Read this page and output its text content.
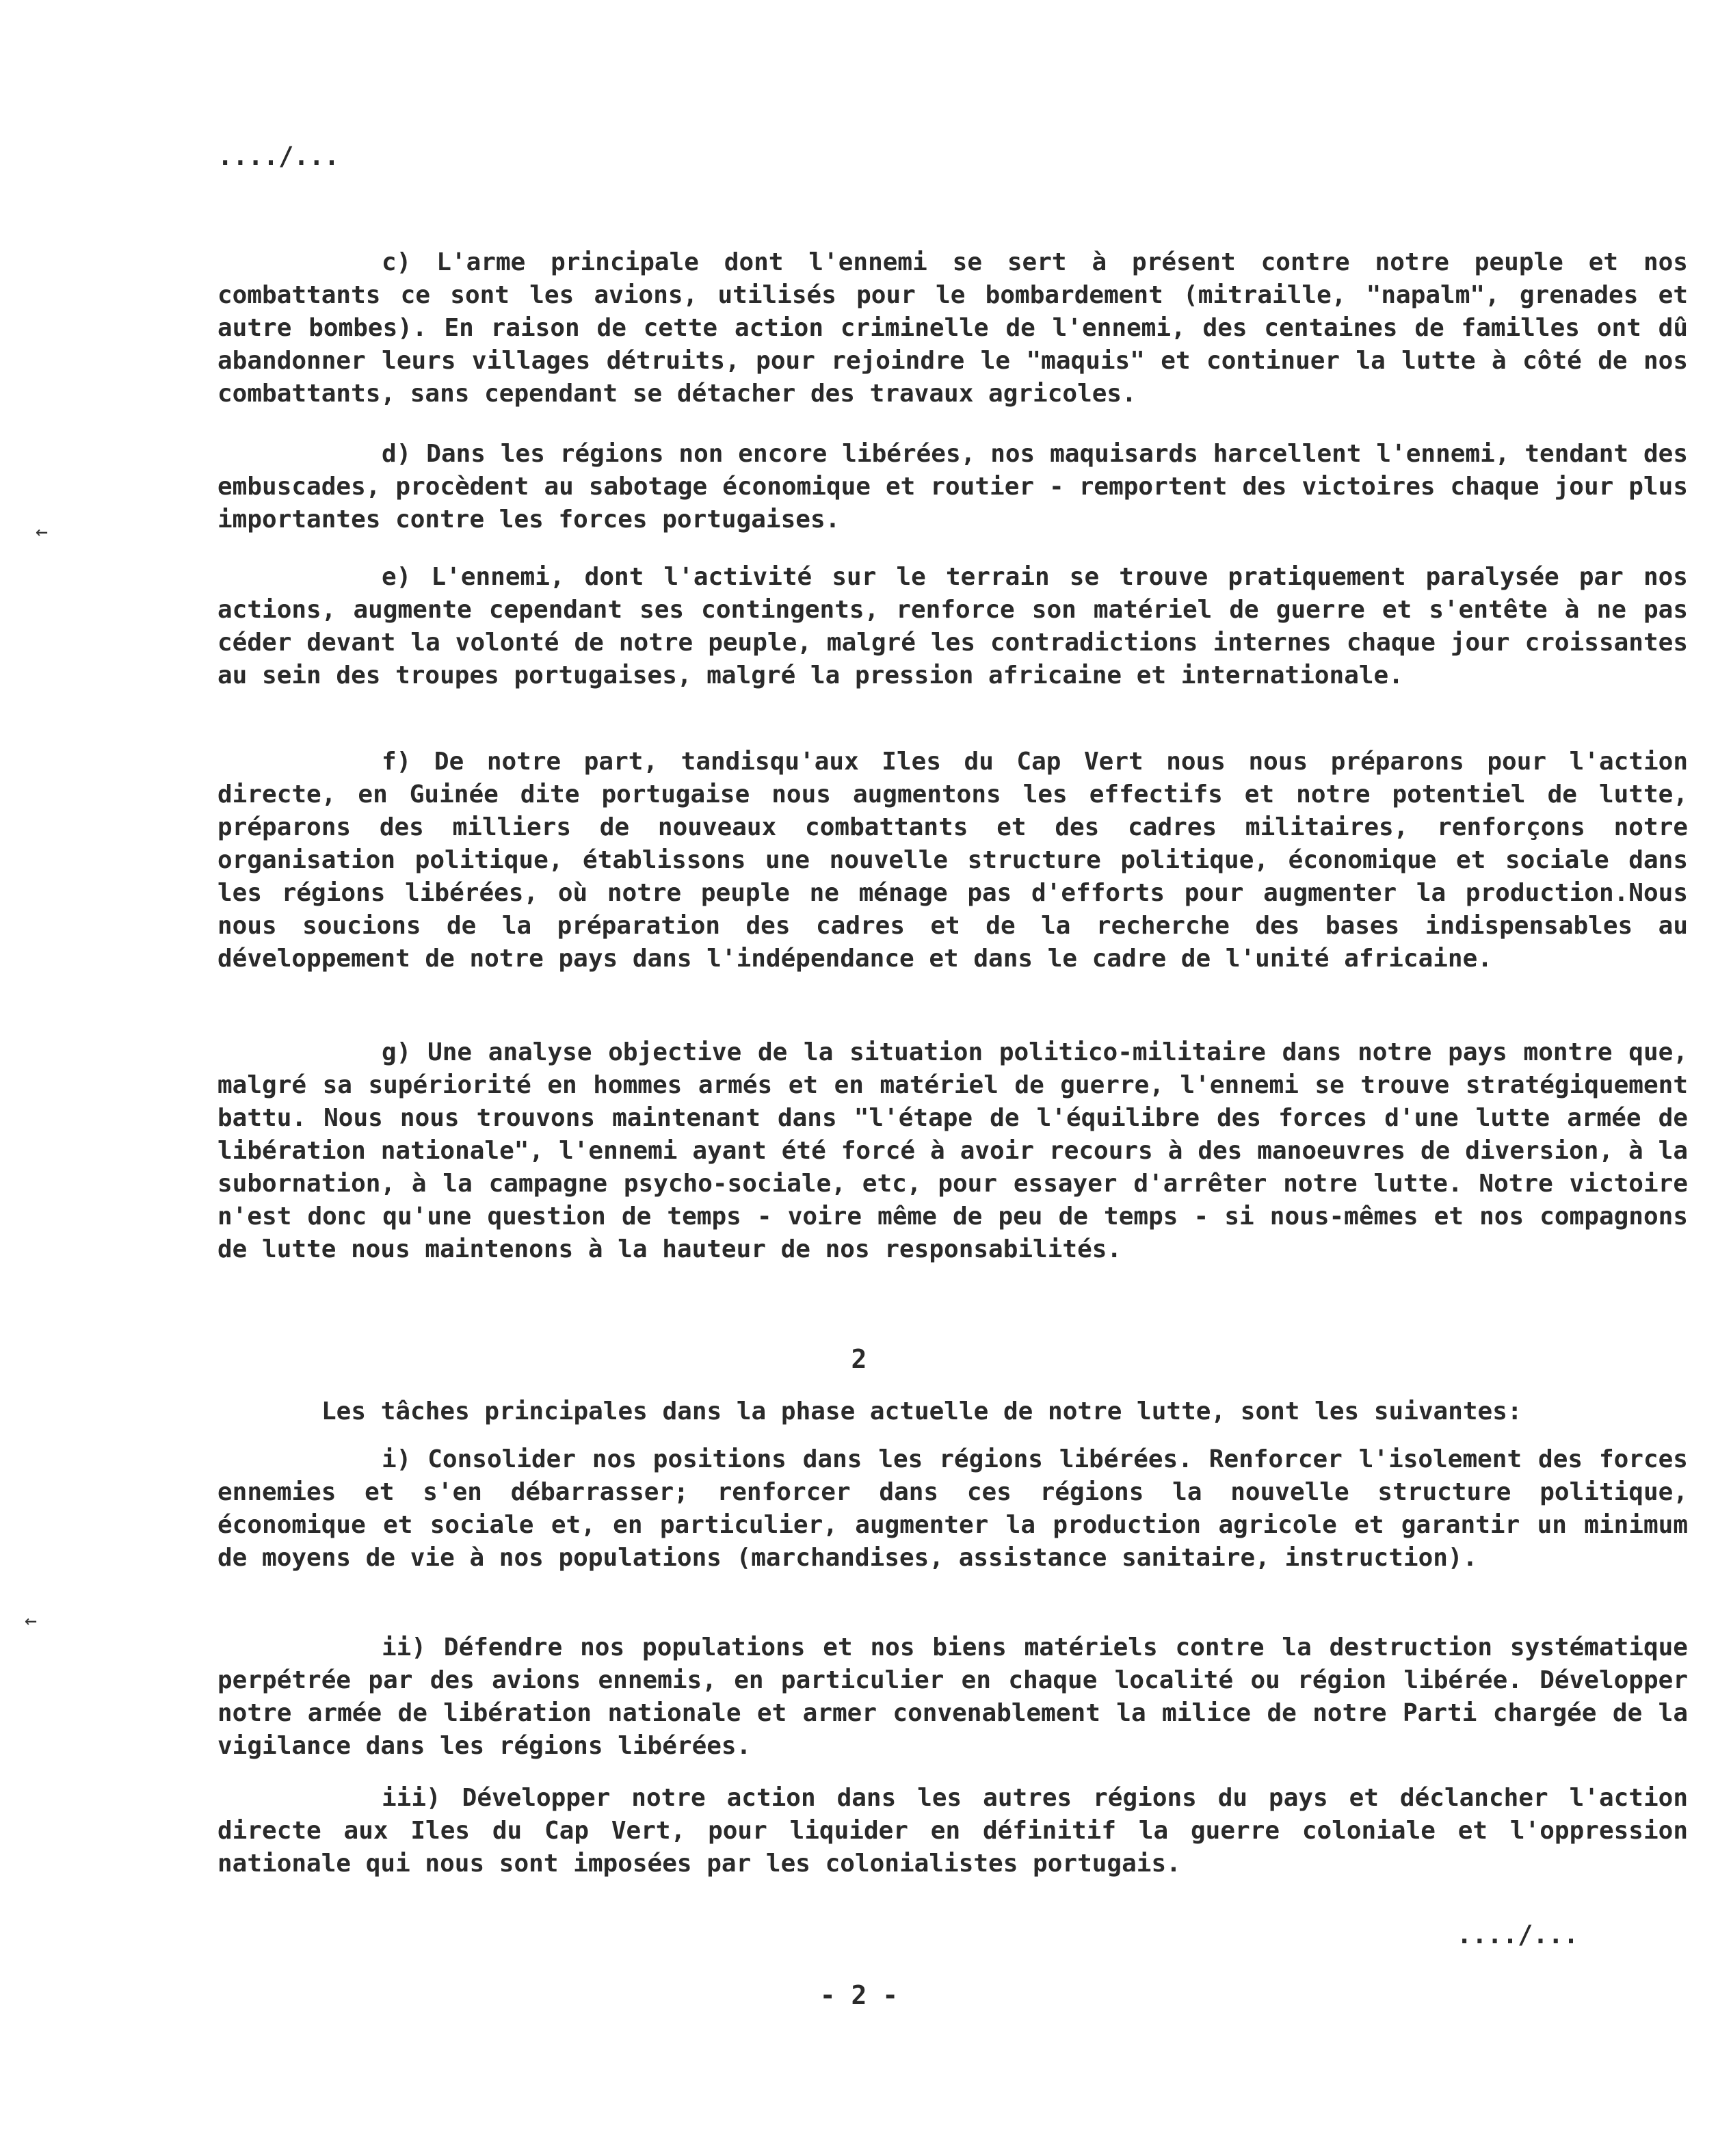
..../...
←
←
c) L'arme principale dont l'ennemi se sert à présent contre notre peuple et nos combattants ce sont les avions, utilisés pour le bombardement (mitraille, "napalm", grenades et autre bombes). En raison de cette action criminelle de l'ennemi, des centaines de familles ont dû abandonner leurs villages détruits, pour rejoindre le "maquis" et continuer la lutte à côté de nos combattants, sans cependant se détacher des travaux agricoles.
d) Dans les régions non encore libérées, nos maquisards harcellent l'ennemi, tendant des embuscades, procèdent au sabotage économique et routier - remportent des victoires chaque jour plus importantes contre les forces portugaises.
e) L'ennemi, dont l'activité sur le terrain se trouve pratiquement paralysée par nos actions, augmente cependant ses contingents, renforce son matériel de guerre et s'entête à ne pas céder devant la volonté de notre peuple, malgré les contradictions internes chaque jour croissantes au sein des troupes portugaises, malgré la pression africaine et internationale.
f) De notre part, tandisqu'aux Iles du Cap Vert nous nous préparons pour l'action directe, en Guinée dite portugaise nous augmentons les effectifs et notre potentiel de lutte, préparons des milliers de nouveaux combattants et des cadres militaires, renforçons notre organisation politique, établissons une nouvelle structure politique, économique et sociale dans les régions libérées, où notre peuple ne ménage pas d'efforts pour augmenter la production.Nous nous soucions de la préparation des cadres et de la recherche des bases indispensables au développement de notre pays dans l'indépendance et dans le cadre de l'unité africaine.
g) Une analyse objective de la situation politico-militaire dans notre pays montre que, malgré sa supériorité en hommes armés et en matériel de guerre, l'ennemi se trouve stratégiquement battu. Nous nous trouvons maintenant dans "l'étape de l'équilibre des forces d'une lutte armée de libération nationale", l'ennemi ayant été forcé à avoir recours à des manoeuvres de diversion, à la subornation, à la campagne psycho-sociale, etc, pour essayer d'arrêter notre lutte. Notre victoire n'est donc qu'une question de temps - voire même de peu de temps - si nous-mêmes et nos compagnons de lutte nous maintenons à la hauteur de nos responsabilités.
2
Les tâches principales dans la phase actuelle de notre lutte, sont les suivantes:
i) Consolider nos positions dans les régions libérées. Renforcer l'isolement des forces ennemies et s'en débarrasser; renforcer dans ces régions la nouvelle structure politique, économique et sociale et, en particulier, augmenter la production agricole et garantir un minimum de moyens de vie à nos populations (marchandises, assistance sanitaire, instruction).
ii) Défendre nos populations et nos biens matériels contre la destruction systématique perpétrée par des avions ennemis, en particulier en chaque localité ou région libérée. Développer notre armée de libération nationale et armer convenablement la milice de notre Parti chargée de la vigilance dans les régions libérées.
iii) Développer notre action dans les autres régions du pays et déclancher l'action directe aux Iles du Cap Vert, pour liquider en définitif la guerre coloniale et l'oppression nationale qui nous sont imposées par les colonialistes portugais.
..../...
- 2 -
